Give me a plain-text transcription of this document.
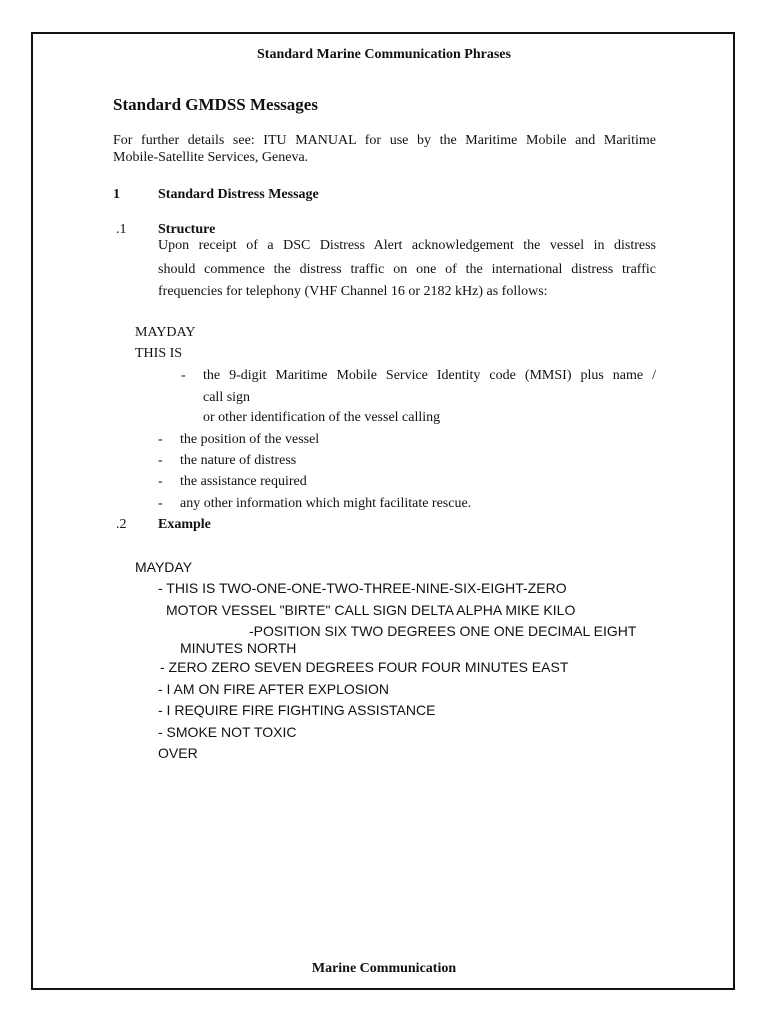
Standard Marine Communication Phrases
Standard GMDSS Messages
For further details see: ITU MANUAL for use by the Maritime Mobile and Maritime
Mobile-Satellite Services, Geneva.
1	Standard Distress Message
.1 Structure
Upon receipt of a DSC Distress Alert acknowledgement the vessel in distress
should commence the distress traffic on one of the international distress traffic
frequencies for telephony (VHF Channel 16 or 2182 kHz) as follows:
MAYDAY
THIS IS
- the 9-digit Maritime Mobile Service Identity code (MMSI) plus name /
call sign
or other identification of the vessel calling
- the position of the vessel
- the nature of distress
- the assistance required
- any other information which might facilitate rescue.
.2 Example
MAYDAY
- THIS IS TWO-ONE-ONE-TWO-THREE-NINE-SIX-EIGHT-ZERO
MOTOR VESSEL "BIRTE" CALL SIGN DELTA ALPHA MIKE KILO
-POSITION SIX TWO DEGREES ONE ONE DECIMAL EIGHT
MINUTES NORTH
- ZERO ZERO SEVEN DEGREES FOUR FOUR MINUTES EAST
- I AM ON FIRE AFTER EXPLOSION
- I REQUIRE FIRE FIGHTING ASSISTANCE
- SMOKE NOT TOXIC
OVER
Marine Communication
